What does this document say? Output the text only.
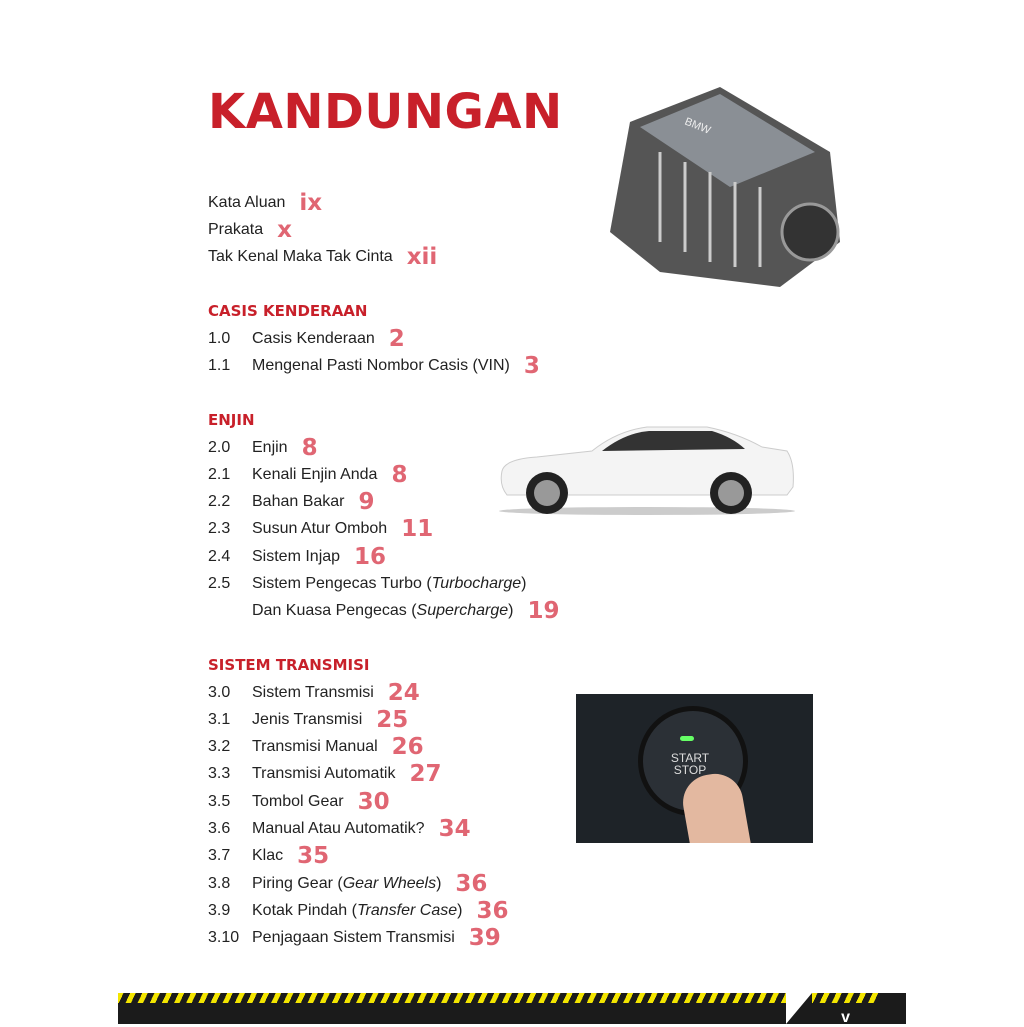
KANDUNGAN
Kata Aluan ix
Prakata x
Tak Kenal Maka Tak Cinta xii
CASIS KENDERAAN
1.0	Casis Kenderaan 2
1.1	Mengenal Pasti Nombor Casis (VIN) 3
ENJIN
2.0	Enjin 8
2.1	Kenali Enjin Anda 8
2.2	Bahan Bakar 9
2.3	Susun Atur Omboh 11
2.4	Sistem Injap 16
2.5	Sistem Pengecas Turbo ( Turbocharge )
Dan Kuasa Pengecas ( Supercharge ) 19
SISTEM TRANSMISI
3.0	Sistem Transmisi 24
3.1	Jenis Transmisi 25
3.2	Transmisi Manual 26
3.3	Transmisi Automatik 27
3.5	Tombol Gear 30
3.6	Manual Atau Automatik? 34
3.7	Klac 35
3.8	Piring Gear ( Gear Wheels ) 36
3.9	Kotak Pindah ( Transfer Case ) 36
3.10 Penjagaan Sistem Transmisi 39
BMW
START STOP
v
